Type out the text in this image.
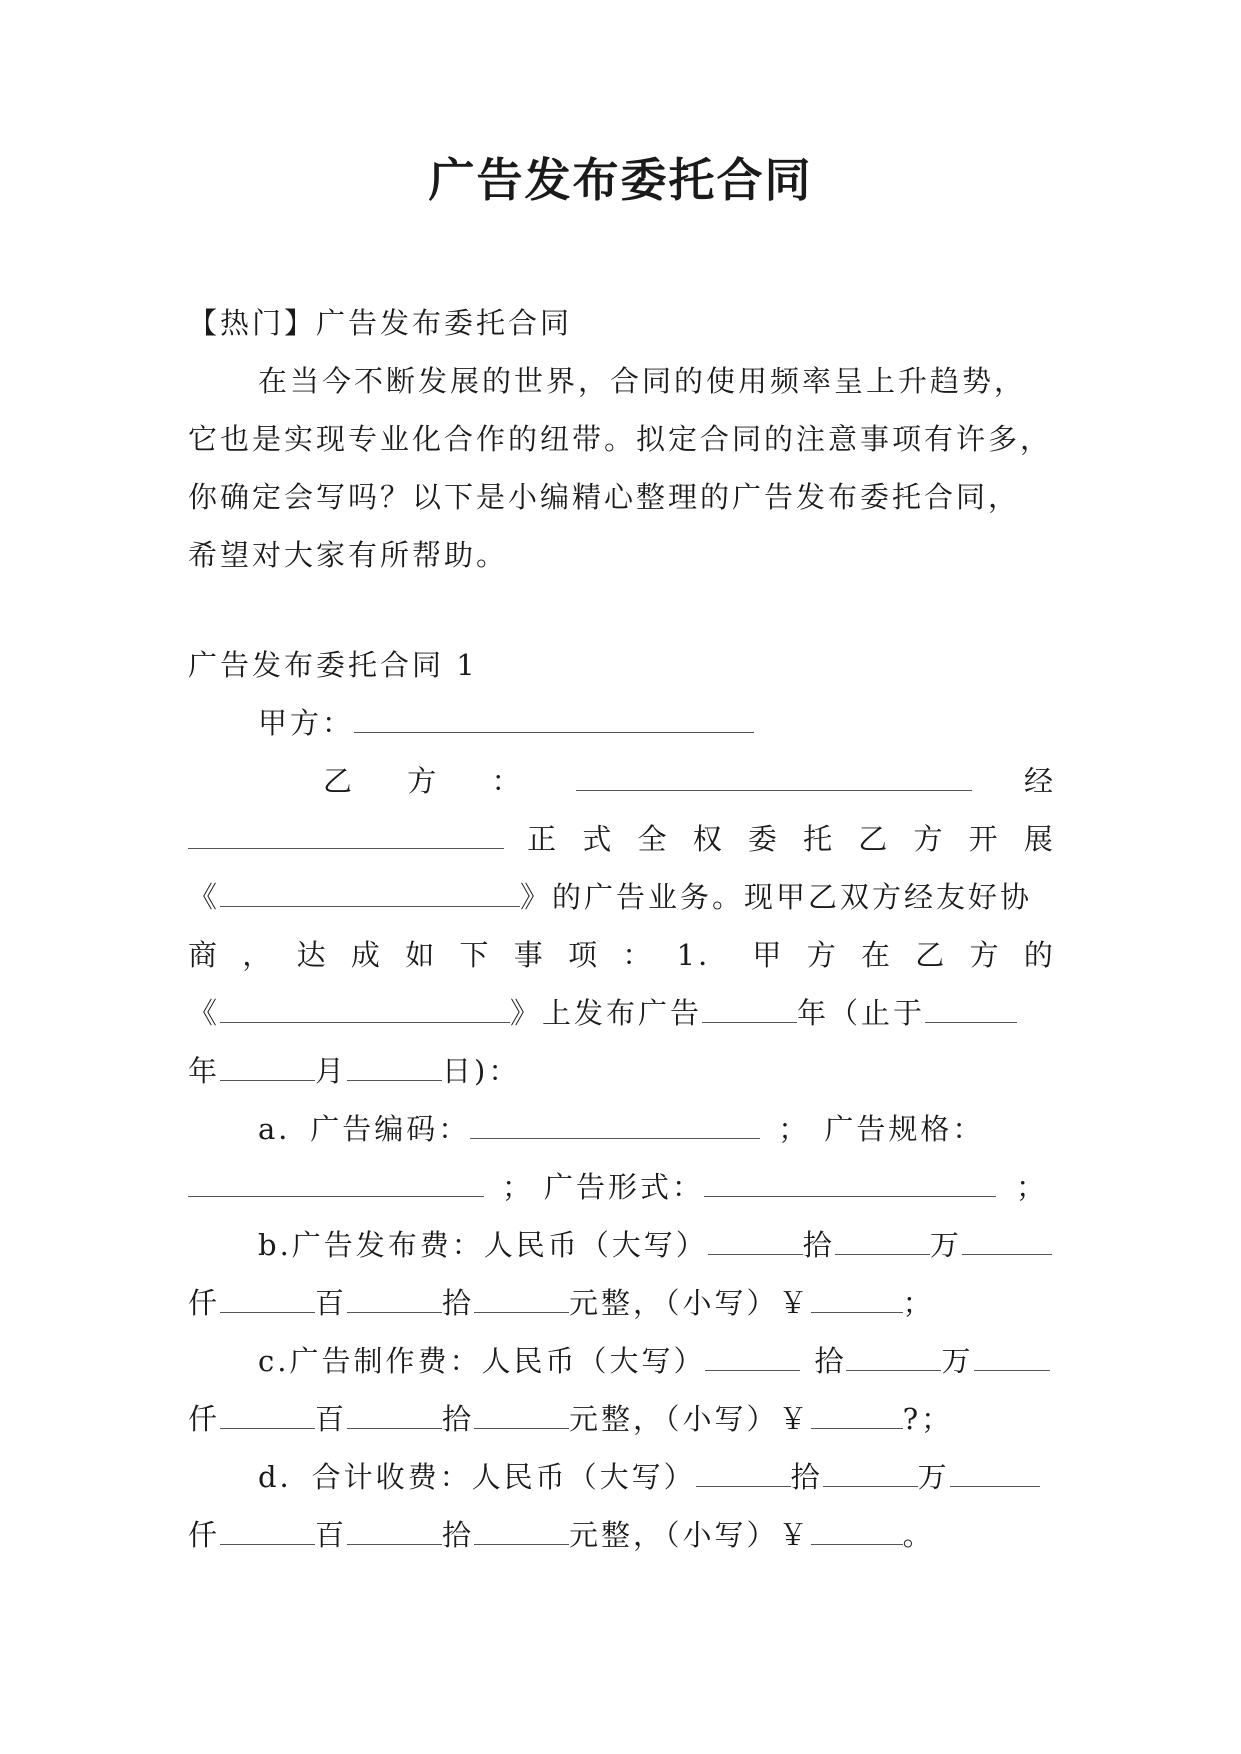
广告发布委托合同
【热门】广告发布委托合同
在当今不断发展的世界，合同的使用频率呈上升趋势，
它也是实现专业化合作的纽带。拟定合同的注意事项有许多，
你确定会写吗？以下是小编精心整理的广告发布委托合同，
希望对大家有所帮助。
广告发布委托合同 1
甲方：
乙 方 ：	经
正 式 全 权 委 托 乙 方 开 展
《	》的广告业务。现甲乙双方经友好协
商 ， 达 成 如 下 事 项 ： 1． 甲 方 在 乙 方 的
《	》上发布广告	年（止于
年	月	日)：
a．广告编码：	； 广告规格：
； 广告形式：	；
b.广告发布费：人民币（大写）	拾	万
仟	百	拾	元整，（小写）￥	；
c.广告制作费：人民币（大写）	拾	万
仟	百	拾	元整，（小写）￥	?；
d．合计收费：人民币（大写）	拾	万
仟	百	拾	元整，（小写）￥	。
